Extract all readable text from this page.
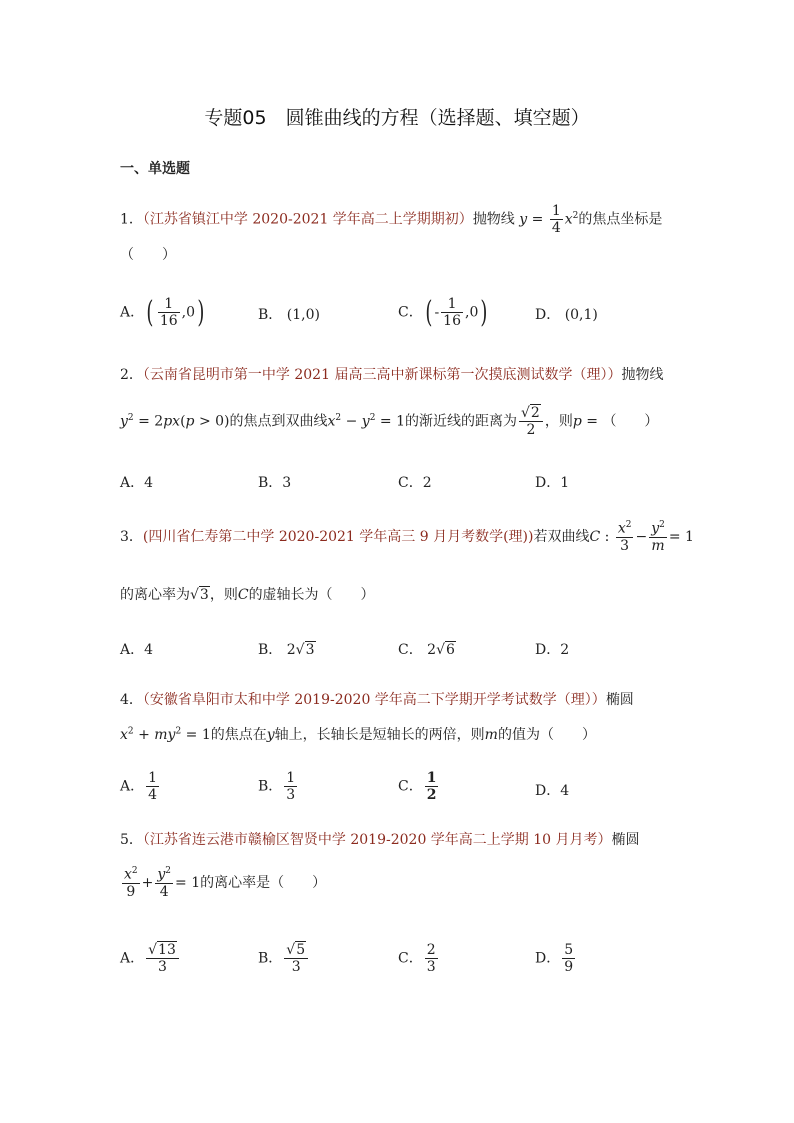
专题05　圆锥曲线的方程（选择题、填空题）
一、单选题
1．（江苏省镇江中学 2020-2021 学年高二上学期期初）抛物线 $y = \frac{1}{4} x^2$的焦点坐标是
（　　）
A．( $\frac{1}{16} ,0$)	B． (1,0)	C．( - $\frac{1}{16} ,0$)	D． (0,1)
2．（云南省昆明市第一中学 2021 届高三高中新课标第一次摸底测试数学（理））抛物线
$y^2 = 2px(p > 0)$的焦点到双曲线$x^2 - y^2 = 1$的渐近线的距离为 $\frac{√2}{2}$ ，则p = （　　）
A．4	B．3	C．2	D．1
3．(四川省仁寿第二中学 2020-2021 学年高三 9 月月考数学(理))若双曲线C : $\frac{x^2}{3} - \frac{y^2}{m} = 1$
的离心率为√3，则C的虚轴长为（　　）
A．4	B． 2√3	C． 2√6	D．2
4．（安徽省阜阳市太和中学 2019-2020 学年高二下学期开学考试数学（理））椭圆
$x^2 + my^2 = 1$的焦点在y轴上，长轴长是短轴长的两倍，则m的值为（　　）
A． $\frac{1}{4}$	B． $\frac{1}{3}$	C． $\frac{1}{2}$	D．4
5．（江苏省连云港市赣榆区智贤中学 2019-2020 学年高二上学期 10 月月考）椭圆
$\frac{x^2}{9} + \frac{y^2}{4} = 1$的离心率是（　　）
A． $\frac{√13}{3}$	B． $\frac{√5}{3}$	C． $\frac{2}{3}$	D． $\frac{5}{9}$
